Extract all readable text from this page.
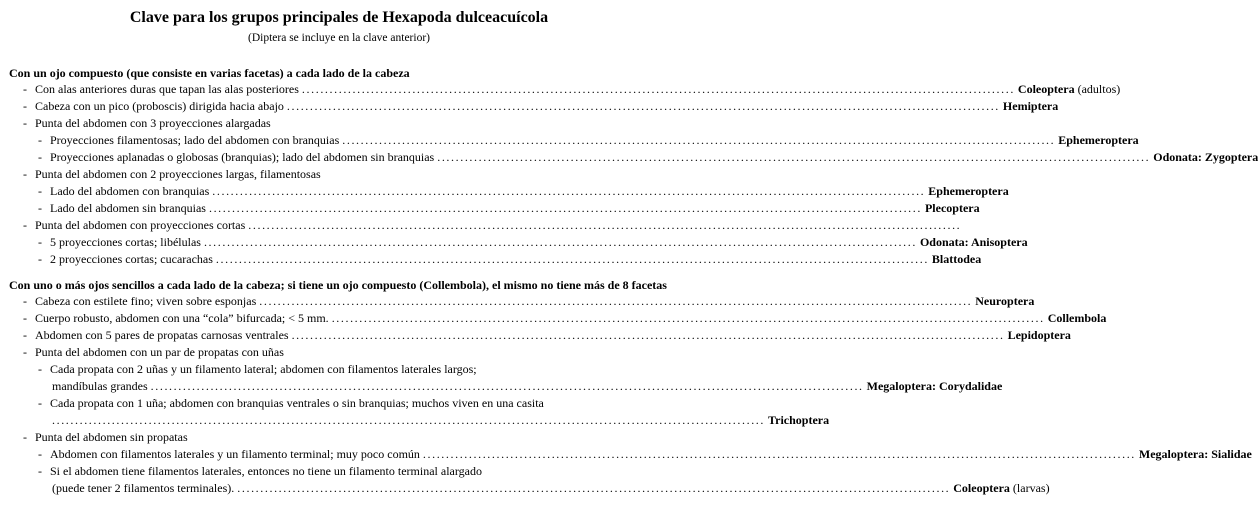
Clave para los grupos principales de Hexapoda dulceacuícola
(Diptera se incluye en la clave anterior)
Con un ojo compuesto (que consiste en varias facetas) a cada lado de la cabeza
- Con alas anteriores duras que tapan las alas posteriores ........................................................................................................................................................... Coleoptera (adultos)
- Cabeza con un pico (proboscis) dirigida hacia abajo ........................................................................................................................................................... Hemiptera
- Punta del abdomen con 3 proyecciones alargadas
- Proyecciones filamentosas; lado del abdomen con branquias ........................................................................................................................................................... Ephemeroptera
- Proyecciones aplanadas o globosas (branquias); lado del abdomen sin branquias ........................................................................................................................................................... Odonata: Zygoptera
- Punta del abdomen con 2 proyecciones largas, filamentosas
- Lado del abdomen con branquias ........................................................................................................................................................... Ephemeroptera
- Lado del abdomen sin branquias ........................................................................................................................................................... Plecoptera
- Punta del abdomen con proyecciones cortas ...........................................................................................................................................................
- 5 proyecciones cortas; libélulas ........................................................................................................................................................... Odonata: Anisoptera
- 2 proyecciones cortas; cucarachas ........................................................................................................................................................... Blattodea
Con uno o más ojos sencillos a cada lado de la cabeza; si tiene un ojo compuesto (Collembola), el mismo no tiene más de 8 facetas
- Cabeza con estilete fino; viven sobre esponjas ........................................................................................................................................................... Neuroptera
- Cuerpo robusto, abdomen con una “cola” bifurcada; < 5 mm. ........................................................................................................................................................... Collembola
- Abdomen con 5 pares de propatas carnosas ventrales ........................................................................................................................................................... Lepidoptera
- Punta del abdomen con un par de propatas con uñas
- Cada propata con 2 uñas y un filamento lateral; abdomen con filamentos laterales largos;
mandíbulas grandes ........................................................................................................................................................... Megaloptera: Corydalidae
- Cada propata con 1 uña; abdomen con branquias ventrales o sin branquias; muchos viven en una casita
........................................................................................................................................................... Trichoptera
- Punta del abdomen sin propatas
- Abdomen con filamentos laterales y un filamento terminal; muy poco común ........................................................................................................................................................... Megaloptera: Sialidae
- Si el abdomen tiene filamentos laterales, entonces no tiene un filamento terminal alargado
(puede tener 2 filamentos terminales). ........................................................................................................................................................... Coleoptera (larvas)
